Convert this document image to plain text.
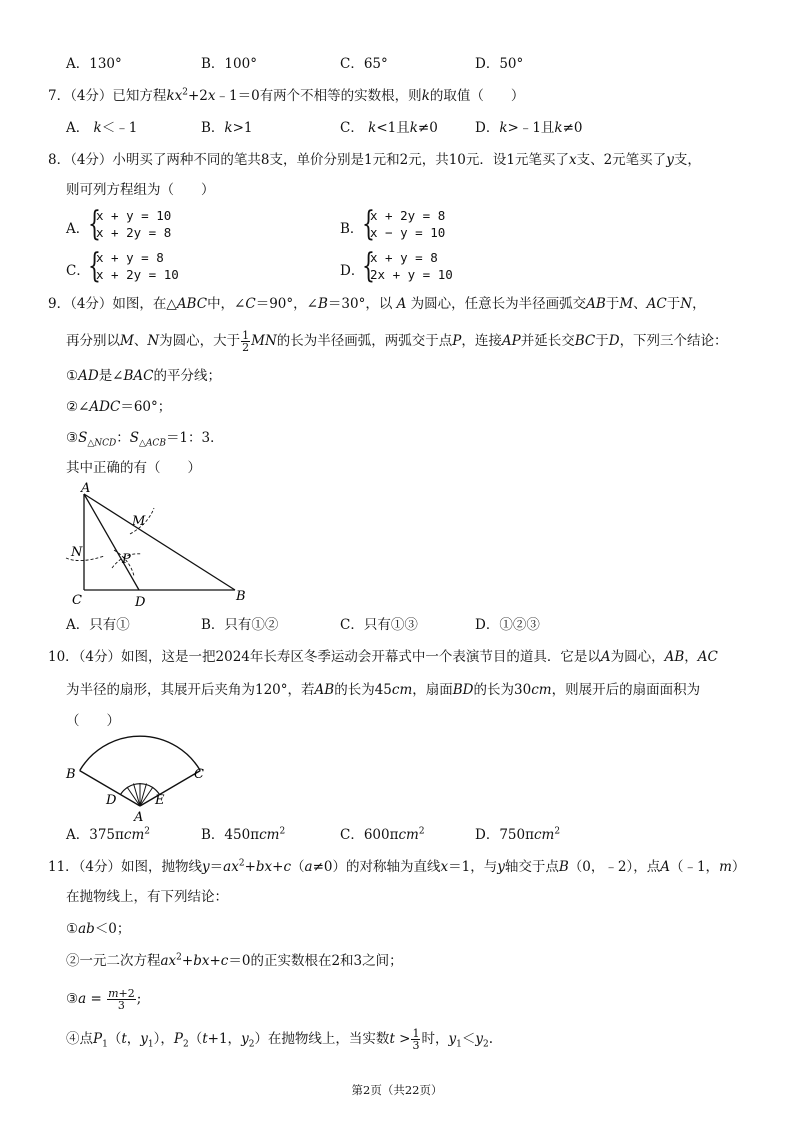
A．130°	B．100°	C．65°	D．50°
7．（4分）已知方程$kx^2+2x﹣1=0$有两个不相等的实数根，则k的取值（　　）
A． k＜﹣1	B．k>1	C． k<1且k≠0	D．k>﹣1且k≠0
8．（4分）小明买了两种不同的笔共8支，单价分别是1元和2元，共10元．设1元笔买了x支、2元笔买了y支，
则可列方程组为（　　）
A．
{
x + y = 10
x + 2y = 8	B．
{
x + 2y = 8
x − y = 10
C．
{
x + y = 8
x + 2y = 10	D．
{
x + y = 8
2x + y = 10
9．（4分）如图，在△ABC中，∠C＝90°，∠B＝30°，以 A 为圆心，任意长为半径画弧交AB于M、AC于N，
再分别以M、N为圆心，大于 $\frac{1}{2}$ MN的长为半径画弧，两弧交于点P，连接AP并延长交BC于D，下列三个结论：
①AD是∠BAC的平分线；
②∠ADC＝60°；
$③S_{\triangle NCD}$：$S_{\triangle ACB}=1$：3．
其中正确的有（　　）
A
C	D	B
M
N	P
A．只有①	B．只有①②	C．只有①③	D．①②③
10．（4分）如图，这是一把2024年长寿区冬季运动会开幕式中一个表演节目的道具．它是以A为圆心，AB，AC
为半径的扇形，其展开后夹角为120°，若AB的长为45cm，扇面BD的长为30cm，则展开后的扇面面积为
（　　）
B	C
D	E
A
A．375πcm$^2$	B．450πcm$^2$	C．600πcm$^2$	D．750πcm$^2$
11．（4分）如图，抛物线$y=ax^2+bx+c(a\ne 0)$的对称轴为直线x＝1，与y轴交于点B（0，﹣2），点A（﹣1，m）
在抛物线上，有下列结论：
①ab＜0；
②一元二次方程$ax^2+bx+c=0$的正实数根在2和3之间；
③a = $\frac{m+2}{3}$ ;
④点$P_1(t$，$y_1$），$P_2(t+1$，$y_2$）在抛物线上，当实数$t > \frac{1}{3}$ 时，$y_1<y_2$.
第2页（共22页）
